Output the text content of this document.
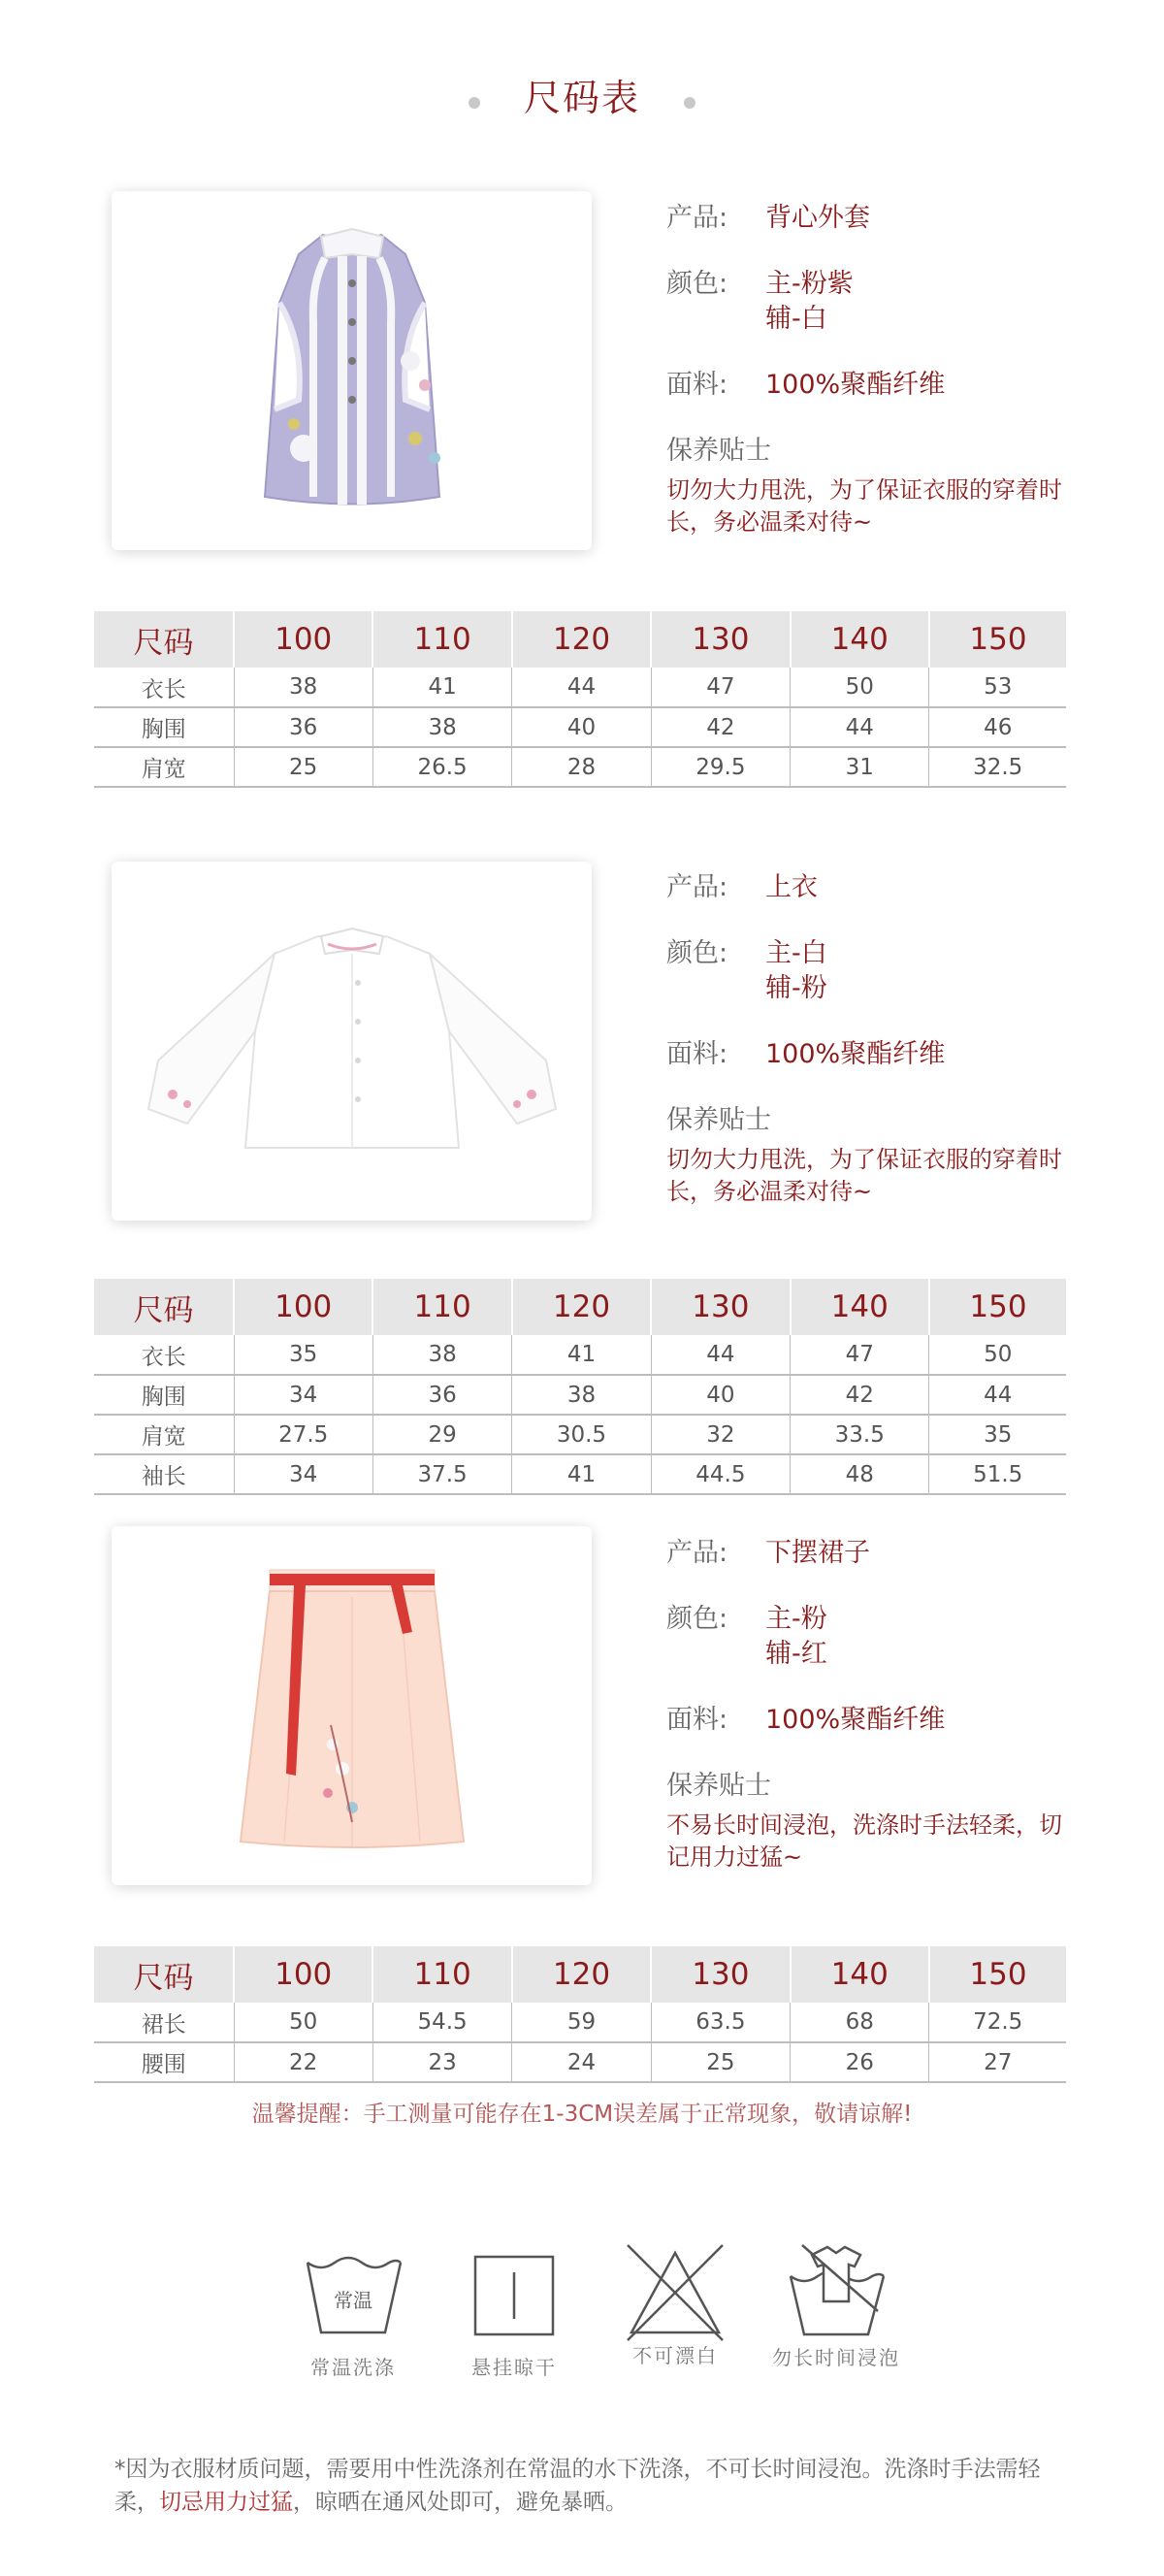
尺码表
产品:	背心外套
颜色:	主-粉紫
辅-白
面料:	100%聚酯纤维
保养贴士
切勿大力甩洗，为了保证衣服的穿着时长，务必温柔对待~
尺码	100	110	120	130	140	150
衣长	38	41	44	47	50	53
胸围	36	38	40	42	44	46
肩宽	25	26.5	28	29.5	31	32.5
产品:	上衣
颜色:	主-白
辅-粉
面料:	100%聚酯纤维
保养贴士
切勿大力甩洗，为了保证衣服的穿着时长，务必温柔对待~
尺码	100	110	120	130	140	150
衣长	35	38	41	44	47	50
胸围	34	36	38	40	42	44
肩宽	27.5	29	30.5	32	33.5	35
袖长	34	37.5	41	44.5	48	51.5
产品:	下摆裙子
颜色:	主-粉
辅-红
面料:	100%聚酯纤维
保养贴士
不易长时间浸泡，洗涤时手法轻柔，切记用力过猛~
尺码	100	110	120	130	140	150
裙长	50	54.5	59	63.5	68	72.5
腰围	22	23	24	25	26	27
温馨提醒：手工测量可能存在1-3CM误差属于正常现象，敬请谅解!
常温
常温洗涤	悬挂晾干	不可漂白	勿长时间浸泡
*因为衣服材质问题，需要用中性洗涤剂在常温的水下洗涤，不可长时间浸泡。洗涤时手法需轻柔，切忌用力过猛，晾晒在通风处即可，避免暴晒。
